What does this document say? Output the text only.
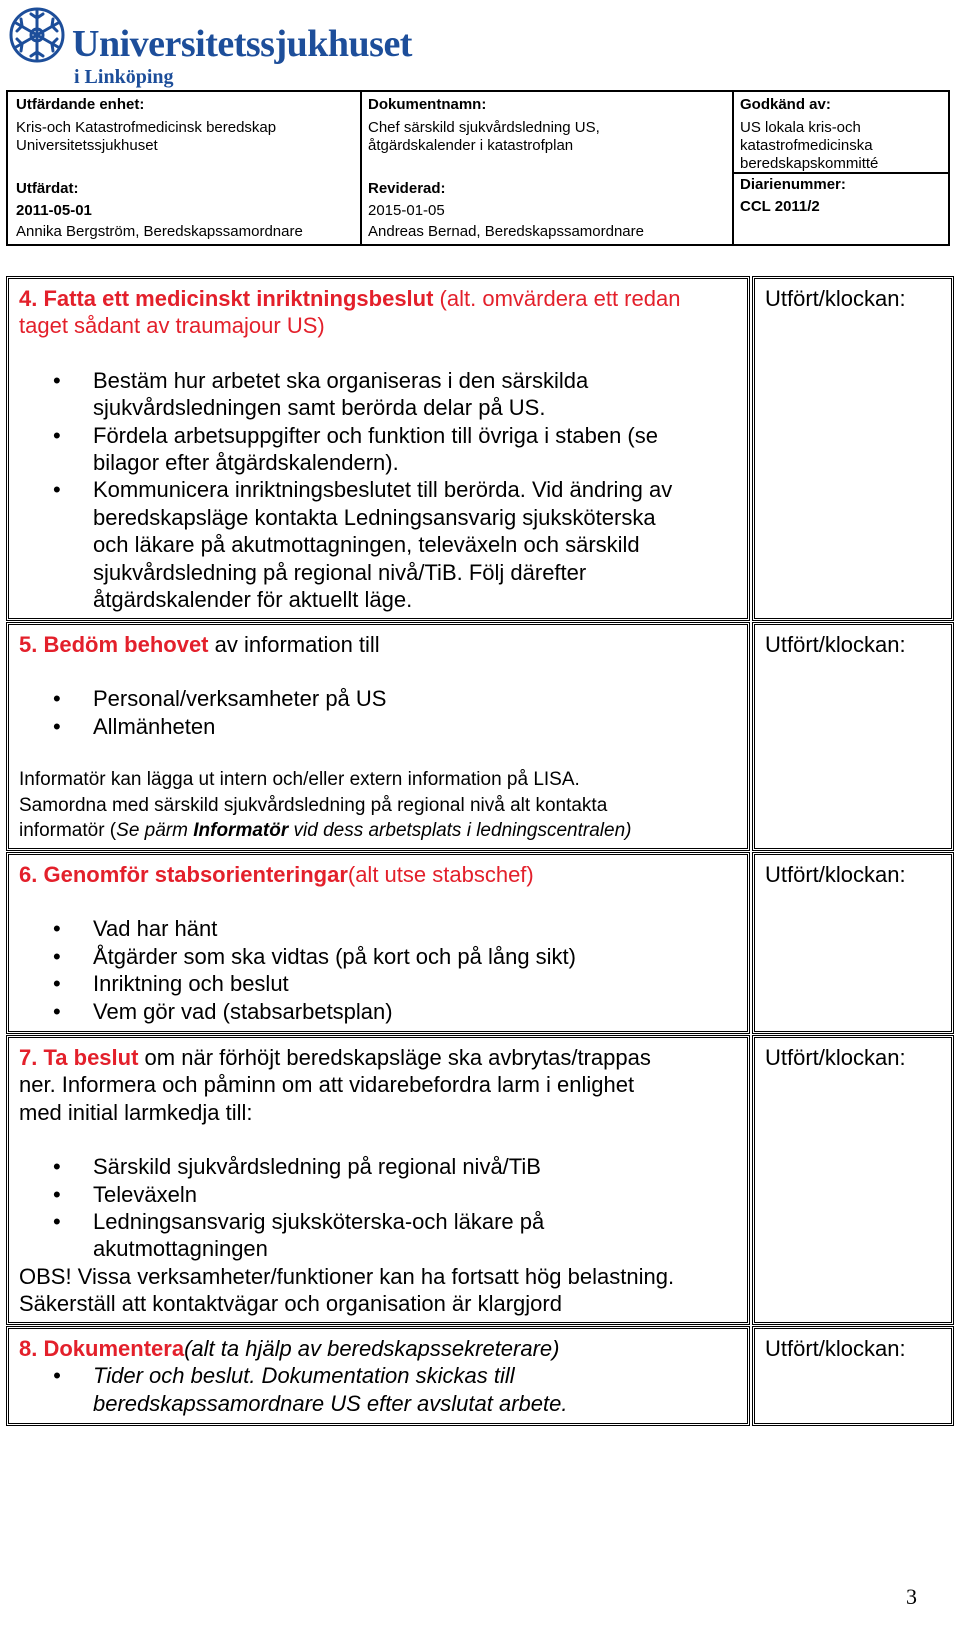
Universitetssjukhuset
i Linköping
Utfärdande enhet:
Kris-och Katastrofmedicinsk beredskap
Universitetssjukhuset
Utfärdat:
2011-05-01
Annika Bergström, Beredskapssamordnare
Dokumentnamn:
Chef särskild sjukvårdsledning US,
åtgärdskalender i katastrofplan
Reviderad:
2015-01-05
Andreas Bernad, Beredskapssamordnare
Godkänd av:
US lokala kris-och
katastrofmedicinska
beredskapskommitté
Diarienummer:
CCL 2011/2
4. Fatta ett medicinskt inriktningsbeslut (alt. omvärdera ett redan
taget sådant av traumajour US)
• Bestäm hur arbetet ska organiseras i den särskilda
sjukvårdsledningen samt berörda delar på US.
• Fördela arbetsuppgifter och funktion till övriga i staben (se
bilagor efter åtgärdskalendern).
• Kommunicera inriktningsbeslutet till berörda. Vid ändring av
beredskapsläge kontakta Ledningsansvarig sjuksköterska
och läkare på akutmottagningen, televäxeln och särskild
sjukvårdsledning på regional nivå/TiB. Följ därefter
åtgärdskalender för aktuellt läge.
Utfört/klockan:
5. Bedöm behovet av information till
• Personal/verksamheter på US
• Allmänheten
Informatör kan lägga ut intern och/eller extern information på LISA.
Samordna med särskild sjukvårdsledning på regional nivå alt kontakta
informatör (Se pärm Informatör vid dess arbetsplats i ledningscentralen)
Utfört/klockan:
6. Genomför stabsorienteringar(alt utse stabschef)
• Vad har hänt
• Åtgärder som ska vidtas (på kort och på lång sikt)
• Inriktning och beslut
• Vem gör vad (stabsarbetsplan)
Utfört/klockan:
7. Ta beslut om när förhöjt beredskapsläge ska avbrytas/trappas
ner. Informera och påminn om att vidarebefordra larm i enlighet
med initial larmkedja till:
• Särskild sjukvårdsledning på regional nivå/TiB
• Televäxeln
• Ledningsansvarig sjuksköterska-och läkare på
akutmottagningen
OBS! Vissa verksamheter/funktioner kan ha fortsatt hög belastning.
Säkerställ att kontaktvägar och organisation är klargjord
Utfört/klockan:
8. Dokumentera(alt ta hjälp av beredskapssekreterare)
• Tider och beslut. Dokumentation skickas till
beredskapssamordnare US efter avslutat arbete.
Utfört/klockan:
3
